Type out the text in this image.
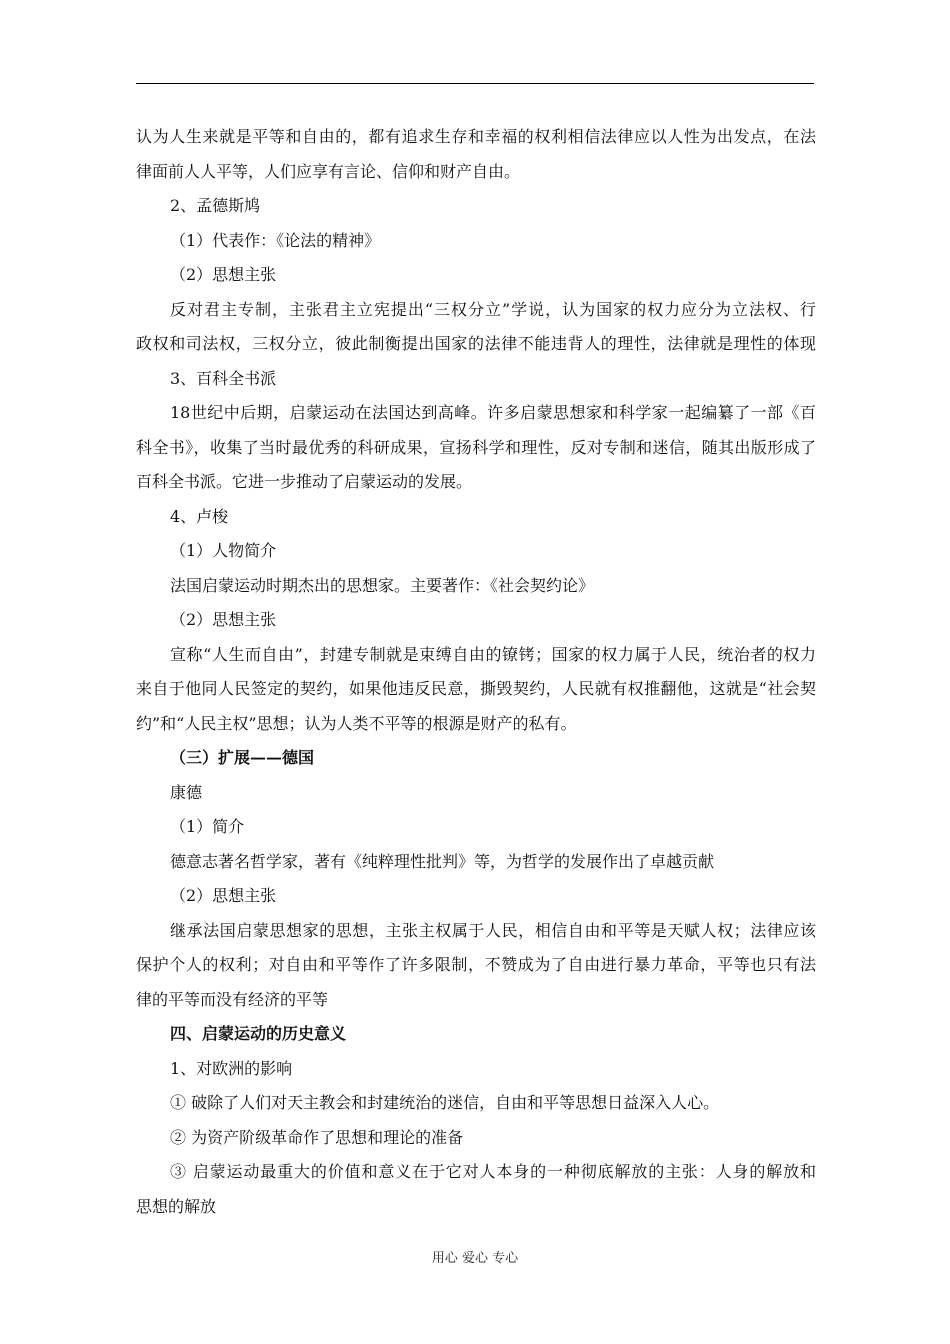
认为人生来就是平等和自由的，都有追求生存和幸福的权利相信法律应以人性为出发点，在法

律面前人人平等，人们应享有言论、信仰和财产自由。

2、孟德斯鸠

（1）代表作：《论法的精神》

（2）思想主张

反对君主专制，主张君主立宪提出“三权分立”学说，认为国家的权力应分为立法权、行

政权和司法权，三权分立，彼此制衡提出国家的法律不能违背人的理性，法律就是理性的体现

3、百科全书派

18世纪中后期，启蒙运动在法国达到高峰。许多启蒙思想家和科学家一起编纂了一部《百

科全书》，收集了当时最优秀的科研成果，宣扬科学和理性，反对专制和迷信，随其出版形成了

百科全书派。它进一步推动了启蒙运动的发展。

4、卢梭

（1）人物简介

法国启蒙运动时期杰出的思想家。主要著作：《社会契约论》

（2）思想主张

宣称“人生而自由”，封建专制就是束缚自由的镣铐；国家的权力属于人民，统治者的权力

来自于他同人民签定的契约，如果他违反民意，撕毁契约，人民就有权推翻他，这就是“社会契

约”和“人民主权”思想；认为人类不平等的根源是财产的私有。

（三）扩展——德国

康德

（1）简介

德意志著名哲学家，著有《纯粹理性批判》等，为哲学的发展作出了卓越贡献

（2）思想主张

继承法国启蒙思想家的思想，主张主权属于人民，相信自由和平等是天赋人权；法律应该

保护个人的权利；对自由和平等作了许多限制，不赞成为了自由进行暴力革命，平等也只有法

律的平等而没有经济的平等

四、启蒙运动的历史意义

1、对欧洲的影响

① 破除了人们对天主教会和封建统治的迷信，自由和平等思想日益深入人心。

② 为资产阶级革命作了思想和理论的准备

③ 启蒙运动最重大的价值和意义在于它对人本身的一种彻底解放的主张：人身的解放和

思想的解放

用心 爱心 专心
